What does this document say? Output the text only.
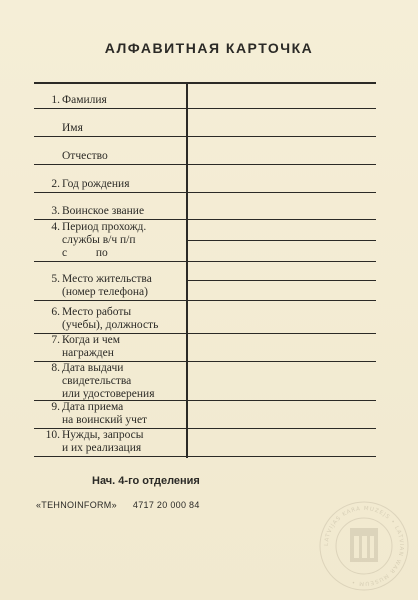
АЛФАВИТНАЯ КАРТОЧКА
1. Фамилия
Имя
Отчество
2. Год рождения
3. Воинское звание
4. Период прохожд.
службы в/ч п/п
с          по
5. Место жительства
(номер телефона)
6. Место работы
(учебы), должность
7. Когда и чем
награжден
8. Дата выдачи
свидетельства
или удостоверения
9. Дата приема
на воинский учет
10. Нужды, запросы
и их реализация
Нач. 4-го отделения
«TEHNOINFORM» 4717 20 000 84
LATVIJAS KARA MUZEJS • LATVIAN WAR MUSEUM •
